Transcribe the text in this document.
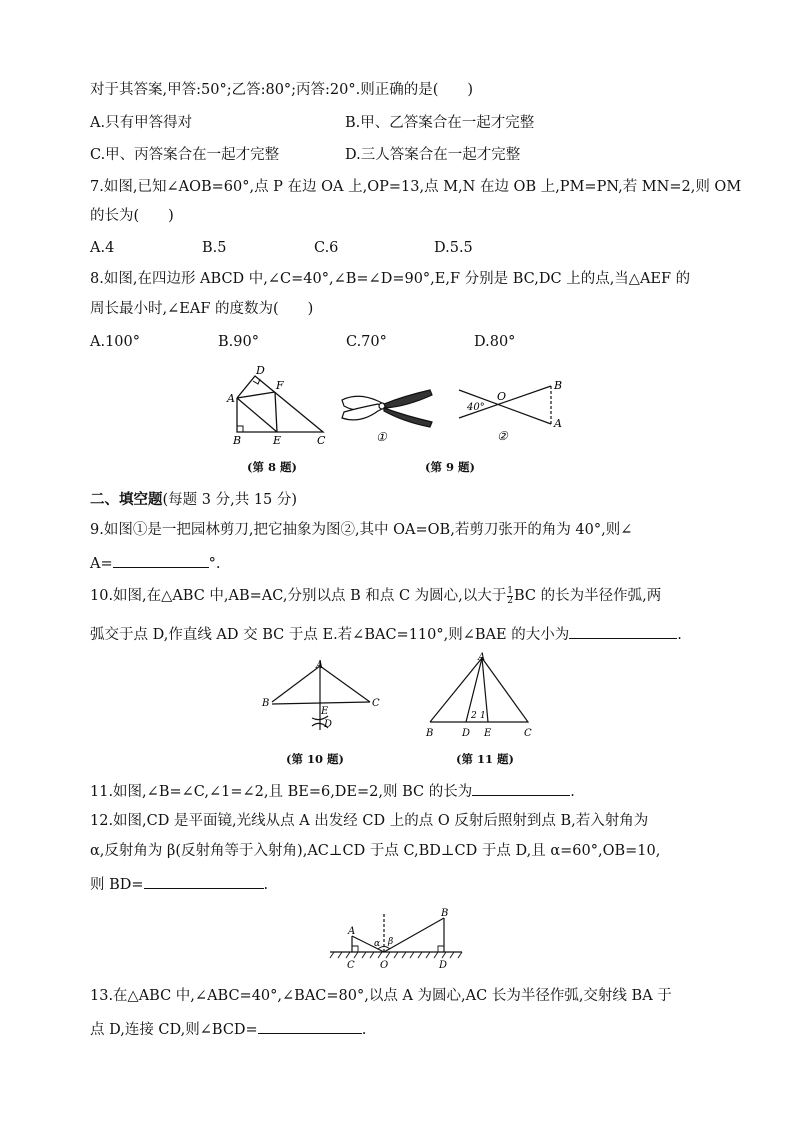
对于其答案,甲答:50°;乙答:80°;丙答:20°.则正确的是(　　)
A.只有甲答得对	B.甲、乙答案合在一起才完整
C.甲、丙答案合在一起才完整	D.三人答案合在一起才完整
7.如图,已知∠AOB=60°,点 P 在边 OA 上,OP=13,点 M,N 在边 OB 上,PM=PN,若 MN=2,则 OM
的长为(　　)
A.4	B.5	C.6	D.5.5
8.如图,在四边形 ABCD 中,∠C=40°,∠B=∠D=90°,E,F 分别是 BC,DC 上的点,当△AEF 的
周长最小时,∠EAF 的度数为(　　)
A.100°	B.90°	C.70°	D.80°
A
D
F
B	E	C
(第 8 题)
①
40°
O
B
A
②
(第 9 题)
二、填空题(每题 3 分,共 15 分)
9.如图①是一把园林剪刀,把它抽象为图②,其中 OA=OB,若剪刀张开的角为 40°,则∠
A=	°.
10.如图,在△ABC 中,AB=AC,分别以点 B 和点 C 为圆心,以大于 $\frac{1}{2}$ BC 的长为半径作弧,两
弧交于点 D,作直线 AD 交 BC 于点 E.若∠BAC=110°,则∠BAE 的大小为	.
A
B	C
E
D
(第 10 题)
A
B	D E	C
2 1
(第 11 题)
11.如图,∠B=∠C,∠1=∠2,且 BE=6,DE=2,则 BC 的长为	.
12.如图,CD 是平面镜,光线从点 A 出发经 CD 上的点 O 反射后照射到点 B,若入射角为
α,反射角为 β(反射角等于入射角),AC⊥CD 于点 C,BD⊥CD 于点 D,且 α=60°,OB=10,
则 BD=	.
A
B
C	O	D
α β
13.在△ABC 中,∠ABC=40°,∠BAC=80°,以点 A 为圆心,AC 长为半径作弧,交射线 BA 于
点 D,连接 CD,则∠BCD=	.
